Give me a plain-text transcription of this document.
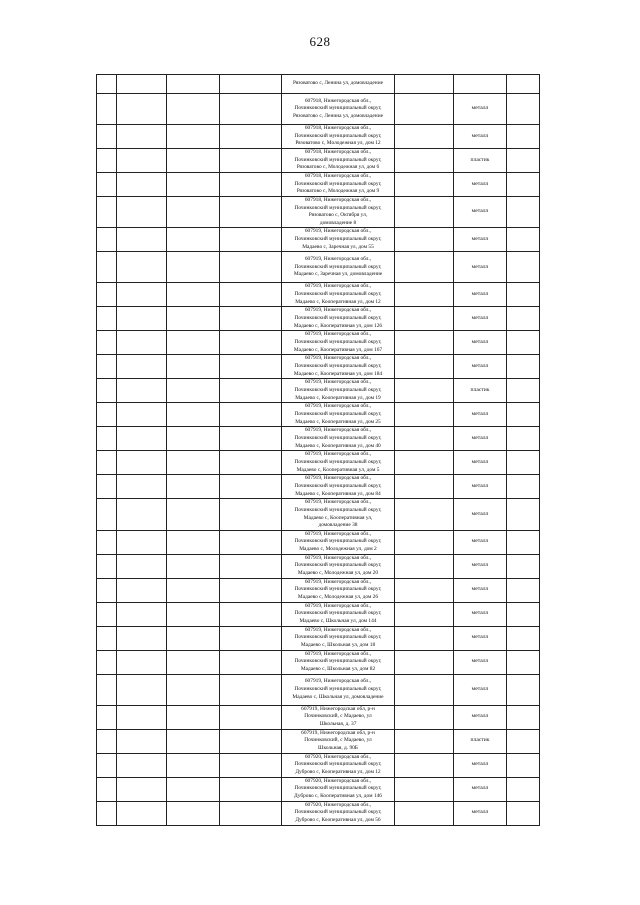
628

				Рязоватово с, Ленина ул, домовладение			

				607918, Нижегородская обл.,
Починковский муниципальный округ,
Рязоватово с, Ленина ул, домовладение		металл	

				607918, Нижегородская обл.,
Починковский муниципальный округ,
Рязоватово с, Молодежная ул, дом 12		металл	

				607918, Нижегородская обл.,
Починковский муниципальный округ,
Рязоватово с, Молодежная ул, дом 6		пластик	

				607918, Нижегородская обл.,
Починковский муниципальный округ,
Рязоватово с, Молодежная ул, дом 9		металл	

				607918, Нижегородская обл.,
Починковский муниципальный округ,
Рязоватово с, Октября ул,
домовладение 8		металл	

				607919, Нижегородская обл.,
Починковский муниципальный округ,
Мадаево с, Заречная ул, дом 55		металл	

				607919, Нижегородская обл.,
Починковский муниципальный округ,
Мадаево с, Заречная ул, домовладение		металл	

				607919, Нижегородская обл.,
Починковский муниципальный округ,
Мадаево с, Кооперативная ул, дом 12		металл	

				607919, Нижегородская обл.,
Починковский муниципальный округ,
Мадаево с, Кооперативная ул, дом 126		металл	

				607919, Нижегородская обл.,
Починковский муниципальный округ,
Мадаево с, Кооперативная ул, дом 167		металл	

				607919, Нижегородская обл.,
Починковский муниципальный округ,
Мадаево с, Кооперативная ул, дом 184		металл	

				607919, Нижегородская обл.,
Починковский муниципальный округ,
Мадаево с, Кооперативная ул, дом 19		пластик	

				607919, Нижегородская обл.,
Починковский муниципальный округ,
Мадаево с, Кооперативная ул, дом 25		металл	

				607919, Нижегородская обл.,
Починковский муниципальный округ,
Мадаево с, Кооперативная ул, дом 40		металл	

				607919, Нижегородская обл.,
Починковский муниципальный округ,
Мадаево с, Кооперативная ул, дом 5		металл	

				607919, Нижегородская обл.,
Починковский муниципальный округ,
Мадаево с, Кооперативная ул, дом 84		металл	

				607919, Нижегородская обл.,
Починковский муниципальный округ,
Мадаево с, Кооперативная ул,
домовладение 38		металл	

				607919, Нижегородская обл.,
Починковский муниципальный округ,
Мадаево с, Молодежная ул, дом 2		металл	

				607919, Нижегородская обл.,
Починковский муниципальный округ,
Мадаево с, Молодежная ул, дом 20		металл	

				607919, Нижегородская обл.,
Починковский муниципальный округ,
Мадаево с, Молодежная ул, дом 26		металл	

				607919, Нижегородская обл.,
Починковский муниципальный округ,
Мадаево с, Школьная ул, дом 144		металл	

				607919, Нижегородская обл.,
Починковский муниципальный округ,
Мадаево с, Школьная ул, дом 18		металл	

				607919, Нижегородская обл.,
Починковский муниципальный округ,
Мадаево с, Школьная ул, дом 82		металл	

				607919, Нижегородская обл.,
Починковский муниципальный округ,
Мадаево с, Школьная ул, домовладение		металл	

				607919, Нижегородская обл, р-н
Починковский, с Мадаево, ул
Школьная, д. 37		металл	

				607919, Нижегородская обл, р-н
Починковский, с Мадаево, ул
Школьная, д. 90Б		пластик	

				607920, Нижегородская обл.,
Починковский муниципальный округ,
Дуброво с, Кооперативная ул, дом 12		металл	

				607920, Нижегородская обл.,
Починковский муниципальный округ,
Дуброво с, Кооперативная ул, дом 146		металл	

				607920, Нижегородская обл.,
Починковский муниципальный округ,
Дуброво с, Кооперативная ул, дом 56		металл	
